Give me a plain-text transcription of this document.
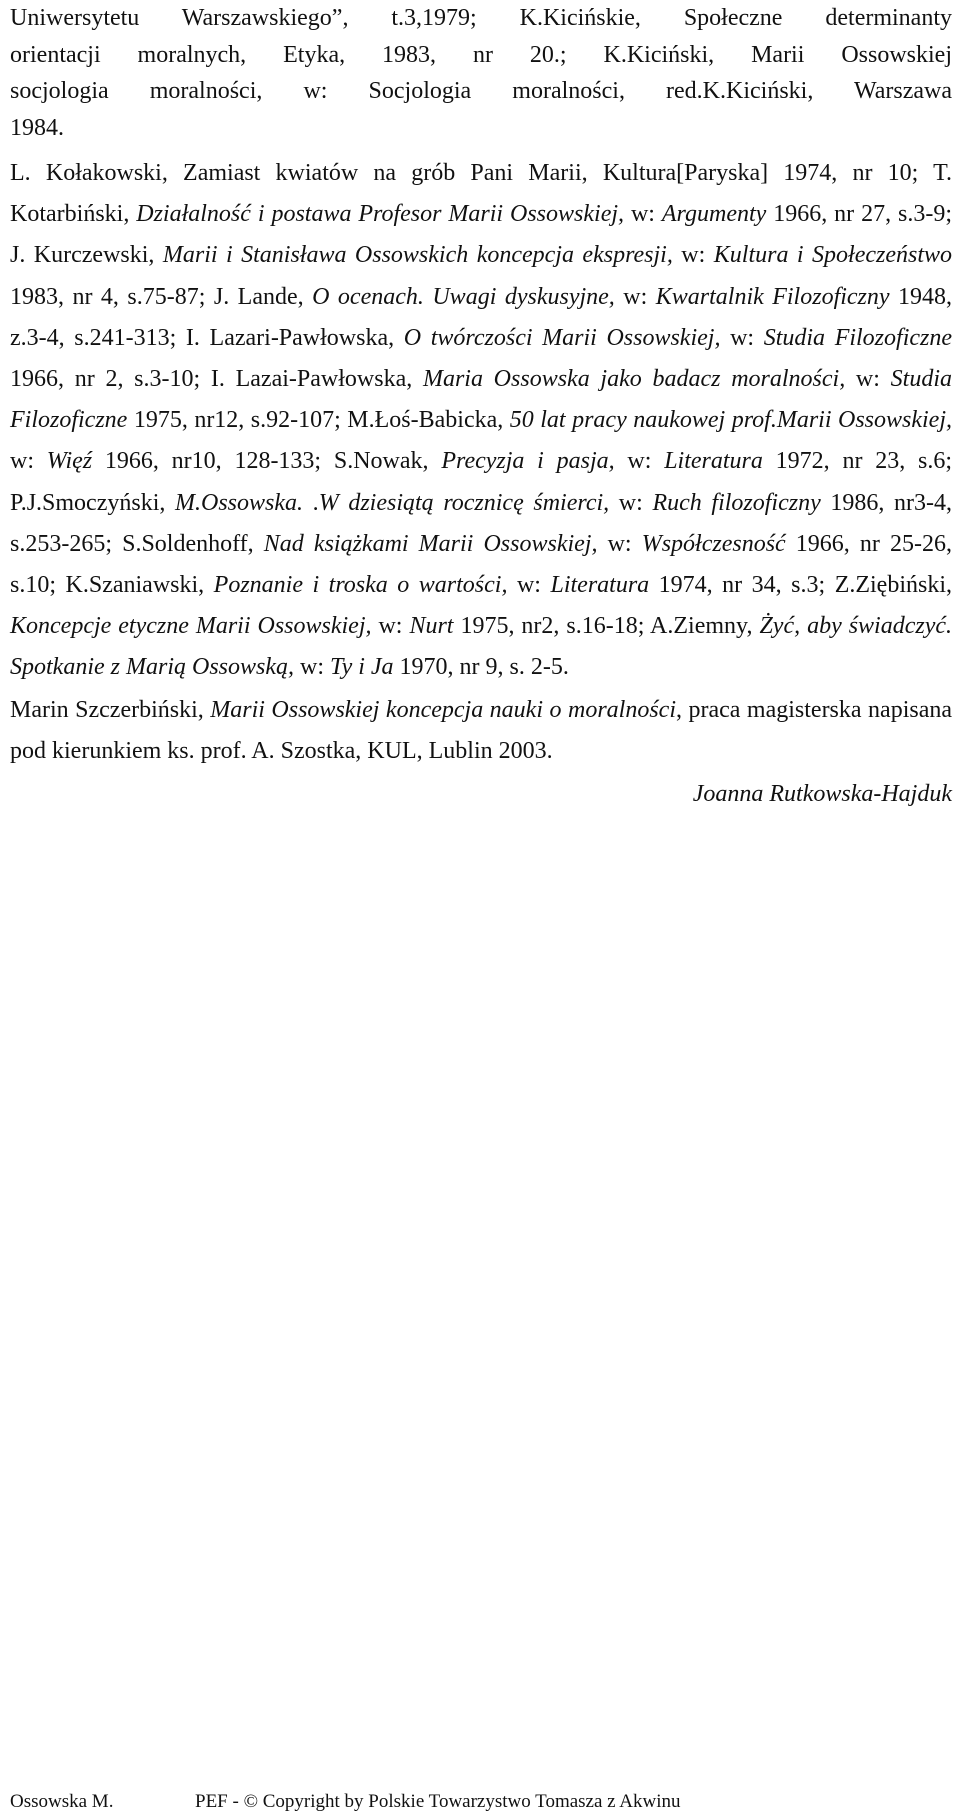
Uniwersytetu Warszawskiego”, t.3,1979; K.Kicińskie, Społeczne determinanty
orientacji moralnych, Etyka, 1983, nr 20.; K.Kiciński, Marii Ossowskiej
socjologia moralności, w: Socjologia moralności, red.K.Kiciński, Warszawa
1984.

L. Kołakowski, Zamiast kwiatów na grób Pani Marii, Kultura[Paryska] 1974, nr 10; T. Kotarbiński, Działalność i postawa Profesor Marii Ossowskiej, w: Argumenty 1966, nr 27, s.3-9; J. Kurczewski, Marii i Stanisława Ossowskich koncepcja ekspresji, w: Kultura i Społeczeństwo 1983, nr 4, s.75-87; J. Lande, O ocenach. Uwagi dyskusyjne, w: Kwartalnik Filozoficzny 1948, z.3-4, s.241-313; I. Lazari-Pawłowska, O twórczości Marii Ossowskiej, w: Studia Filozoficzne 1966, nr 2, s.3-10; I. Lazai-Pawłowska, Maria Ossowska jako badacz moralności, w: Studia Filozoficzne 1975, nr12, s.92-107; M.Łoś-Babicka, 50 lat pracy naukowej prof.Marii Ossowskiej, w: Więź 1966, nr10, 128-133; S.Nowak, Precyzja i pasja, w: Literatura 1972, nr 23, s.6; P.J.Smoczyński, M.Ossowska. .W dziesiątą rocznicę śmierci, w: Ruch filozoficzny 1986, nr3-4, s.253-265; S.Soldenhoff, Nad książkami Marii Ossowskiej, w: Współczesność 1966, nr 25-26, s.10; K.Szaniawski, Poznanie i troska o wartości, w: Literatura 1974, nr 34, s.3; Z.Ziębiński, Koncepcje etyczne Marii Ossowskiej, w: Nurt 1975, nr2, s.16-18; A.Ziemny, Żyć, aby świadczyć. Spotkanie z Marią Ossowską, w: Ty i Ja 1970, nr 9, s. 2-5.

Marin Szczerbiński, Marii Ossowskiej koncepcja nauki o moralności, praca magisterska napisana pod kierunkiem ks. prof. A. Szostka, KUL, Lublin 2003.

Joanna Rutkowska-Hajduk

Ossowska M.	PEF - © Copyright by Polskie Towarzystwo Tomasza z Akwinu
